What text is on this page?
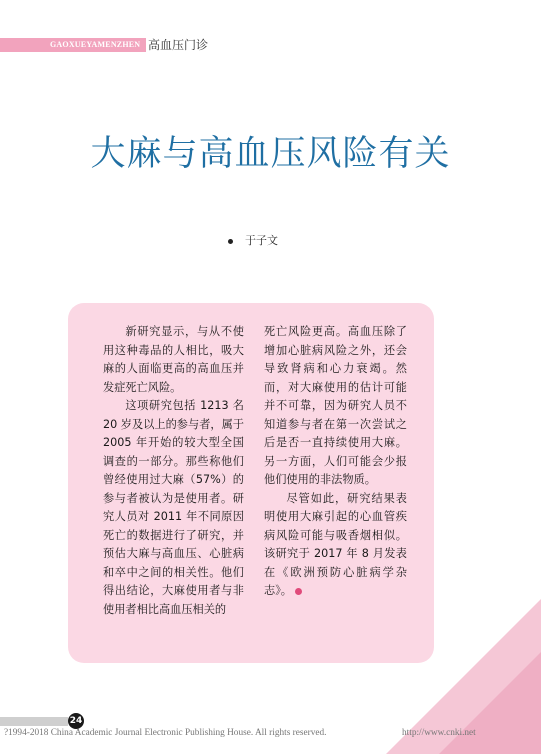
GAOXUEYAMENZHEN 高血压门诊
大麻与高血压风险有关
于子文

新研究显示，与从不使用这种毒品的人相比，吸大麻的人面临更高的高血压并发症死亡风险。

这项研究包括 1213 名 20 岁及以上的参与者，属于 2005 年开始的较大型全国调查的一部分。那些称他们曾经使用过大麻（57%）的参与者被认为是使用者。研究人员对 2011 年不同原因死亡的数据进行了研究，并预估大麻与高血压、心脏病和卒中之间的相关性。他们得出结论，大麻使用者与非使用者相比高血压相关的

死亡风险更高。高血压除了增加心脏病风险之外，还会导致肾病和心力衰竭。然而，对大麻使用的估计可能并不可靠，因为研究人员不知道参与者在第一次尝试之后是否一直持续使用大麻。另一方面，人们可能会少报他们使用的非法物质。

尽管如此，研究结果表明使用大麻引起的心血管疾病风险可能与吸香烟相似。该研究于 2017 年 8 月发表在《欧洲预防心脏病学杂志》。

24
?1994-2018 China Academic Journal Electronic Publishing House. All rights reserved.	http://www.cnki.net
